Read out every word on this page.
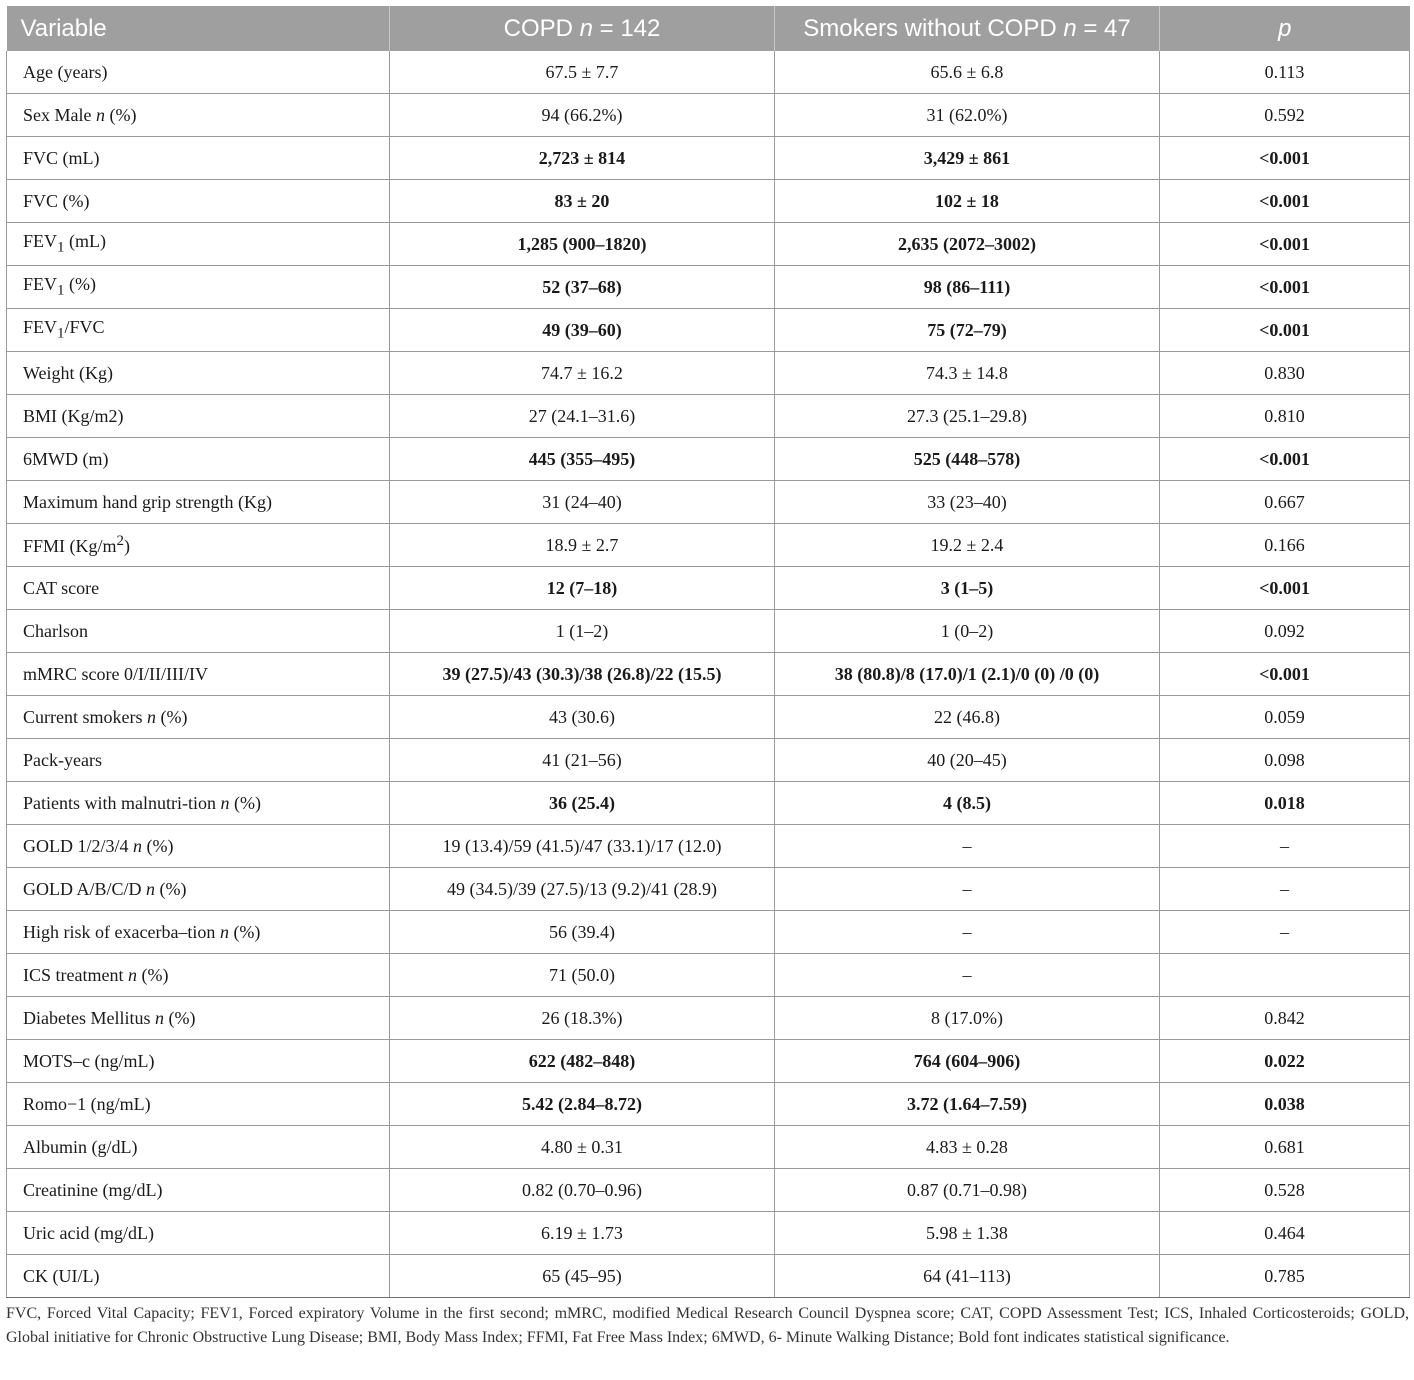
Variable	COPD n = 142	Smokers without COPD n = 47	p
Age (years)	67.5 ± 7.7	65.6 ± 6.8	0.113
Sex Male n (%)	94 (66.2%)	31 (62.0%)	0.592
FVC (mL)	2,723 ± 814	3,429 ± 861	<0.001
FVC (%)	83 ± 20	102 ± 18	<0.001
$FEV_1$ (mL)	1,285 (900–1820)	2,635 (2072–3002)	<0.001
$FEV_1$ (%)	52 (37–68)	98 (86–111)	<0.001
$FEV_1$/FVC	49 (39–60)	75 (72–79)	<0.001
Weight (Kg)	74.7 ± 16.2	74.3 ± 14.8	0.830
BMI (Kg/m2)	27 (24.1–31.6)	27.3 (25.1–29.8)	0.810
6MWD (m)	445 (355–495)	525 (448–578)	<0.001
Maximum hand grip strength (Kg)	31 (24–40)	33 (23–40)	0.667
FFMI $(Kg/m^2)$	18.9 ± 2.7	19.2 ± 2.4	0.166
CAT score	12 (7–18)	3 (1–5)	<0.001
Charlson	1 (1–2)	1 (0–2)	0.092
mMRC score 0/I/II/III/IV	39 (27.5)/43 (30.3)/38 (26.8)/22 (15.5)	38 (80.8)/8 (17.0)/1 (2.1)/0 (0) /0 (0)	<0.001
Current smokers n (%)	43 (30.6)	22 (46.8)	0.059
Pack-years	41 (21–56)	40 (20–45)	0.098
Patients with malnutri-tion n (%)	36 (25.4)	4 (8.5)	0.018
GOLD 1/2/3/4 n (%)	19 (13.4)/59 (41.5)/47 (33.1)/17 (12.0)	–	–
GOLD A/B/C/D n (%)	49 (34.5)/39 (27.5)/13 (9.2)/41 (28.9)	–	–
High risk of exacerba–tion n (%)	56 (39.4)	–	–
ICS treatment n (%)	71 (50.0)	–	
Diabetes Mellitus n (%)	26 (18.3%)	8 (17.0%)	0.842
MOTS–c (ng/mL)	622 (482–848)	764 (604–906)	0.022
Romo−1 (ng/mL)	5.42 (2.84–8.72)	3.72 (1.64–7.59)	0.038
Albumin (g/dL)	4.80 ± 0.31	4.83 ± 0.28	0.681
Creatinine (mg/dL)	0.82 (0.70–0.96)	0.87 (0.71–0.98)	0.528
Uric acid (mg/dL)	6.19 ± 1.73	5.98 ± 1.38	0.464
CK (UI/L)	65 (45–95)	64 (41–113)	0.785
FVC, Forced Vital Capacity; FEV1, Forced expiratory Volume in the first second; mMRC, modified Medical Research Council Dyspnea score; CAT, COPD Assessment Test; ICS, Inhaled Corticosteroids; GOLD, Global initiative for Chronic Obstructive Lung Disease; BMI, Body Mass Index; FFMI, Fat Free Mass Index; 6MWD, 6- Minute Walking Distance; Bold font indicates statistical significance.
